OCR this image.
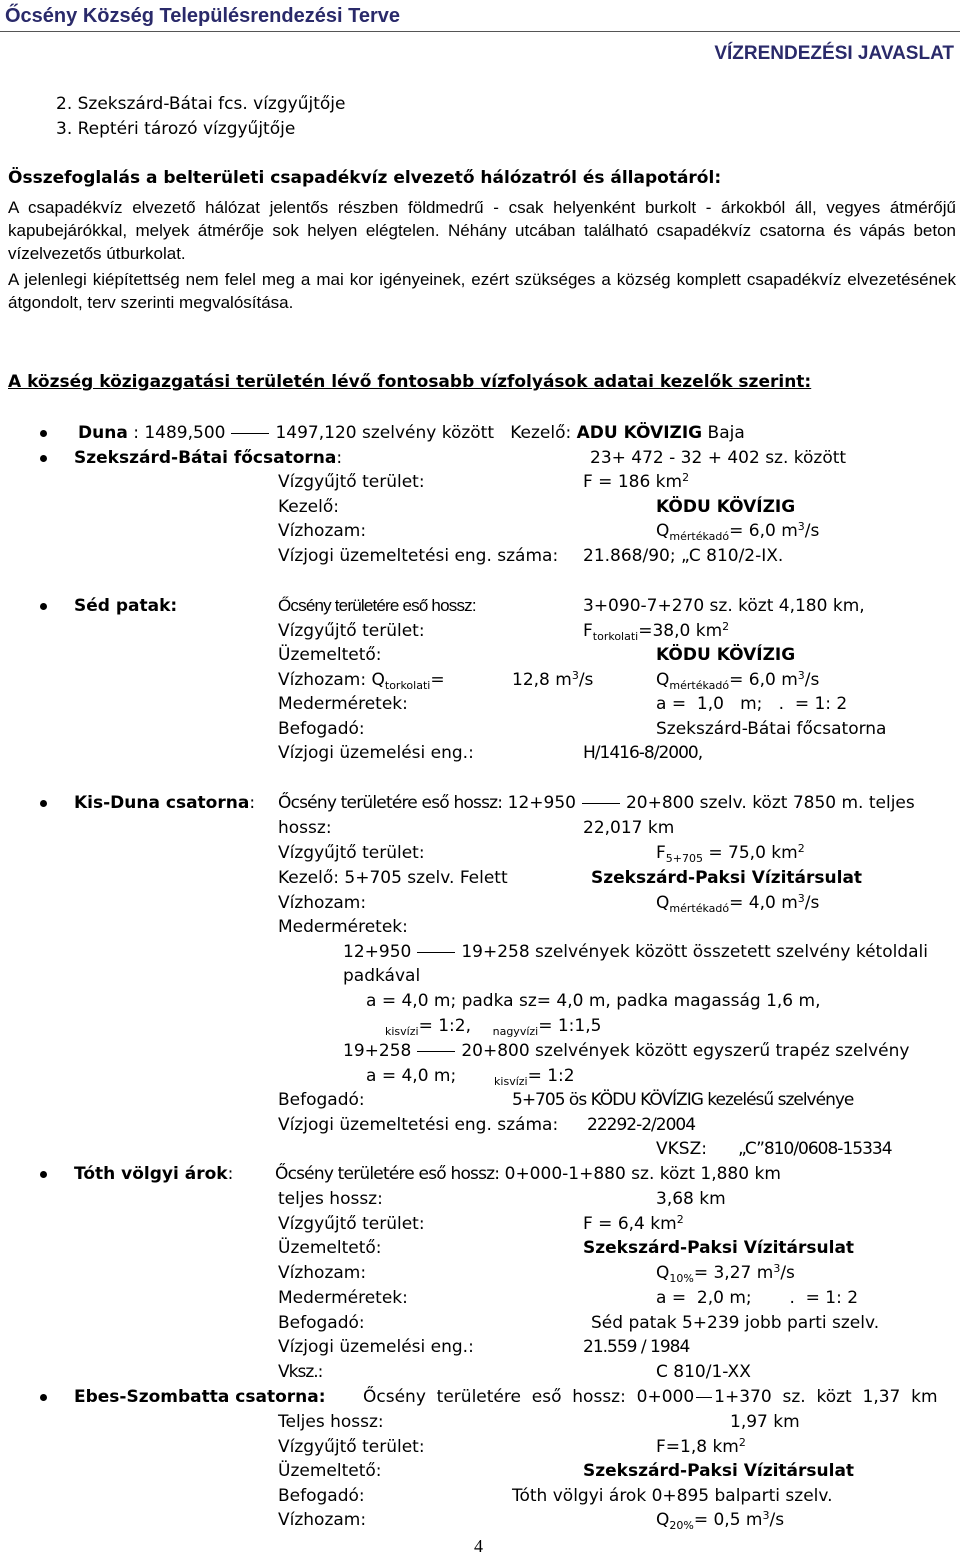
Őcsény Község Településrendezési Terve
VÍZRENDEZÉSI JAVASLAT
2. Szekszárd-Bátai fcs. vízgyűjtője
3. Reptéri tározó vízgyűjtője
Összefoglalás a belterületi csapadékvíz elvezető hálózatról és állapotáról:
A csapadékvíz elvezető hálózat jelentős részben földmedrű - csak helyenként burkolt - árkokból áll, vegyes átmérőjű kapubejárókkal, melyek átmérője sok helyen elégtelen. Néhány utcában található csapadékvíz csatorna és vápás beton vízelvezetős útburkolat.
A jelenlegi kiépítettség nem felel meg a mai kor igényeinek, ezért szükséges a község komplett csapadékvíz elvezetésének átgondolt, terv szerinti megvalósítása.
A község közigazgatási területén lévő fontosabb vízfolyások adatai kezelők szerint:
Duna : 1489,500	1497,120 szelvény között Kezelő: ADU KÖVIZIG Baja
Szekszárd-Bátai főcsatorna:	23+ 472 - 32 + 402 sz. között
Vízgyűjtő terület:	F = 186 $km^2$
Kezelő:	KÖDU KÖVÍZIG
Vízhozam:	$Q_{mértékadó}= 6,0$ $m^3/s$
Vízjogi üzemeltetési eng. száma: 21.868/90; „C 810/2-IX.
Séd patak:	Őcsény területére eső hossz:	3+090-7+270 sz. közt 4,180 km,
Vízgyűjtő terület:	$F_{torkolati}=38,0$ $km^2$
Üzemeltető:	KÖDU KÖVÍZIG
Vízhozam: $Q_{torkolati}=$	12,8 $m^3/s$	$Q_{mértékadó}= 6,0$ $m^3/s$
Mederméretek:	a =  1,0   m;   .  = 1: 2
Befogadó:	Szekszárd-Bátai főcsatorna
Vízjogi üzemelési eng.:	H/1416-8/2000,
Kis-Duna csatorna: Őcsény területére eső hossz: 12+950	20+800 szelv. közt 7850 m. teljes
hossz:	22,017 km
Vízgyűjtő terület:	$F_{5+705} = 75,0$ $km^2$
Kezelő: 5+705 szelv. Felett	Szekszárd-Paksi Vízitársulat
Vízhozam:	$Q_{mértékadó}= 4,0$ $m^3/s$
Mederméretek:
12+950	19+258 szelvények között összetett szelvény kétoldali
padkával
a = 4,0 m; padka sz= 4,0 m, padka magasság 1,6 m,
$_{kisvízi}$= 1:2, $_{nagyvízi}$= 1:1,5
19+258	20+800 szelvények között egyszerű trapéz szelvény
a = 4,0 m;	$_{kisvízi}$= 1:2
Befogadó:	5+705 ös KÖDU KÖVÍZIG kezelésű szelvénye
Vízjogi üzemeltetési eng. száma: 22292-2/2004
VKSZ: „C”810/0608-15334
Tóth völgyi árok: Őcsény területére eső hossz: 0+000-1+880 sz. közt 1,880 km
teljes hossz:	3,68 km
Vízgyűjtő terület:	F = 6,4 $km^2$
Üzemeltető:	Szekszárd-Paksi Vízitársulat
Vízhozam:	$Q_{10\%}= 3,27$ $m^3/s$
Mederméretek:	a =  2,0 m; .  = 1: 2
Befogadó:	Séd patak 5+239 jobb parti szelv.
Vízjogi üzemelési eng.:	21.559 / 1984
Vksz.:	C 810/1-XX
Ebes-Szombatta csatorna: Őcsény  területére  eső  hossz:  0+000 1+370  sz.  közt  1,37  km
Teljes hossz:	1,97 km
Vízgyűjtő terület:	F=1,8 $km^2$
Üzemeltető:	Szekszárd-Paksi Vízitársulat
Befogadó:	Tóth völgyi árok 0+895 balparti szelv.
Vízhozam:	$Q_{20\%}= 0,5$ $m^3/s$
4
